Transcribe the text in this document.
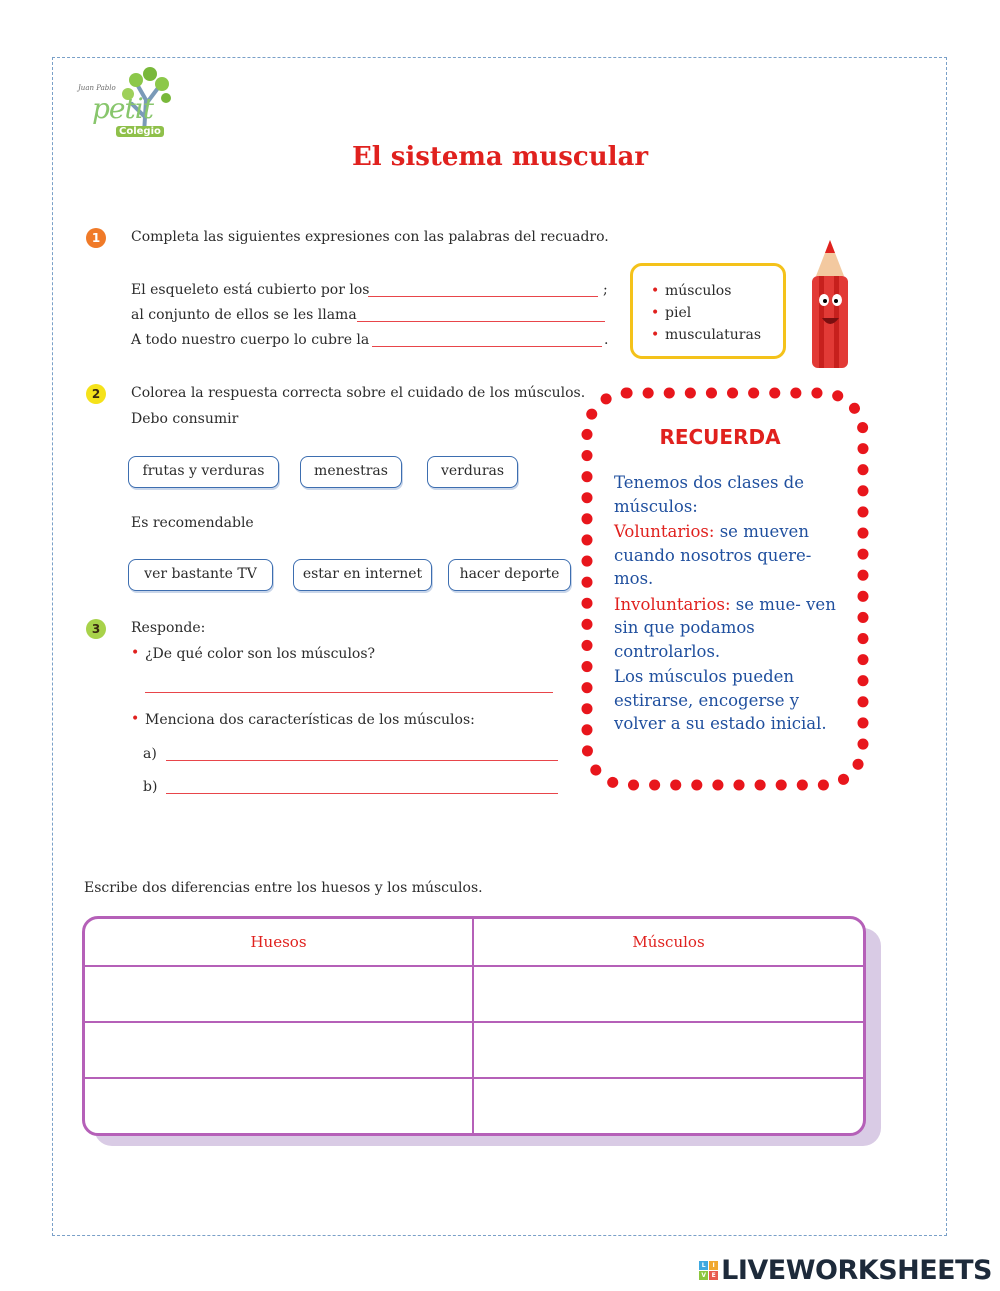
Juan Pablo
petit
Colegio
El sistema muscular
1	Completa las siguientes expresiones con las palabras del recuadro.
El esqueleto está cubierto por los	;
al conjunto de ellos se les llama
A todo nuestro cuerpo lo cubre la	.
• músculos
• piel
• musculaturas
2	Colorea la respuesta correcta sobre el cuidado de los músculos.
Debo consumir
frutas y verduras	menestras	verduras
Es recomendable
ver bastante TV	estar en internet	hacer deporte
3	Responde:
• ¿De qué color son los músculos?
• Menciona dos características de los músculos:
a)
b)
RECUERDA

Tenemos dos clases de músculos:

Voluntarios: se mueven cuando nosotros quere- mos.

Involuntarios: se mue- ven sin que podamos controlarlos.

Los músculos pueden estirarse, encogerse y volver a su estado inicial.

Escribe dos diferencias entre los huesos y los músculos.
Huesos	Músculos

L	I
V E LIVEWORKSHEETS
